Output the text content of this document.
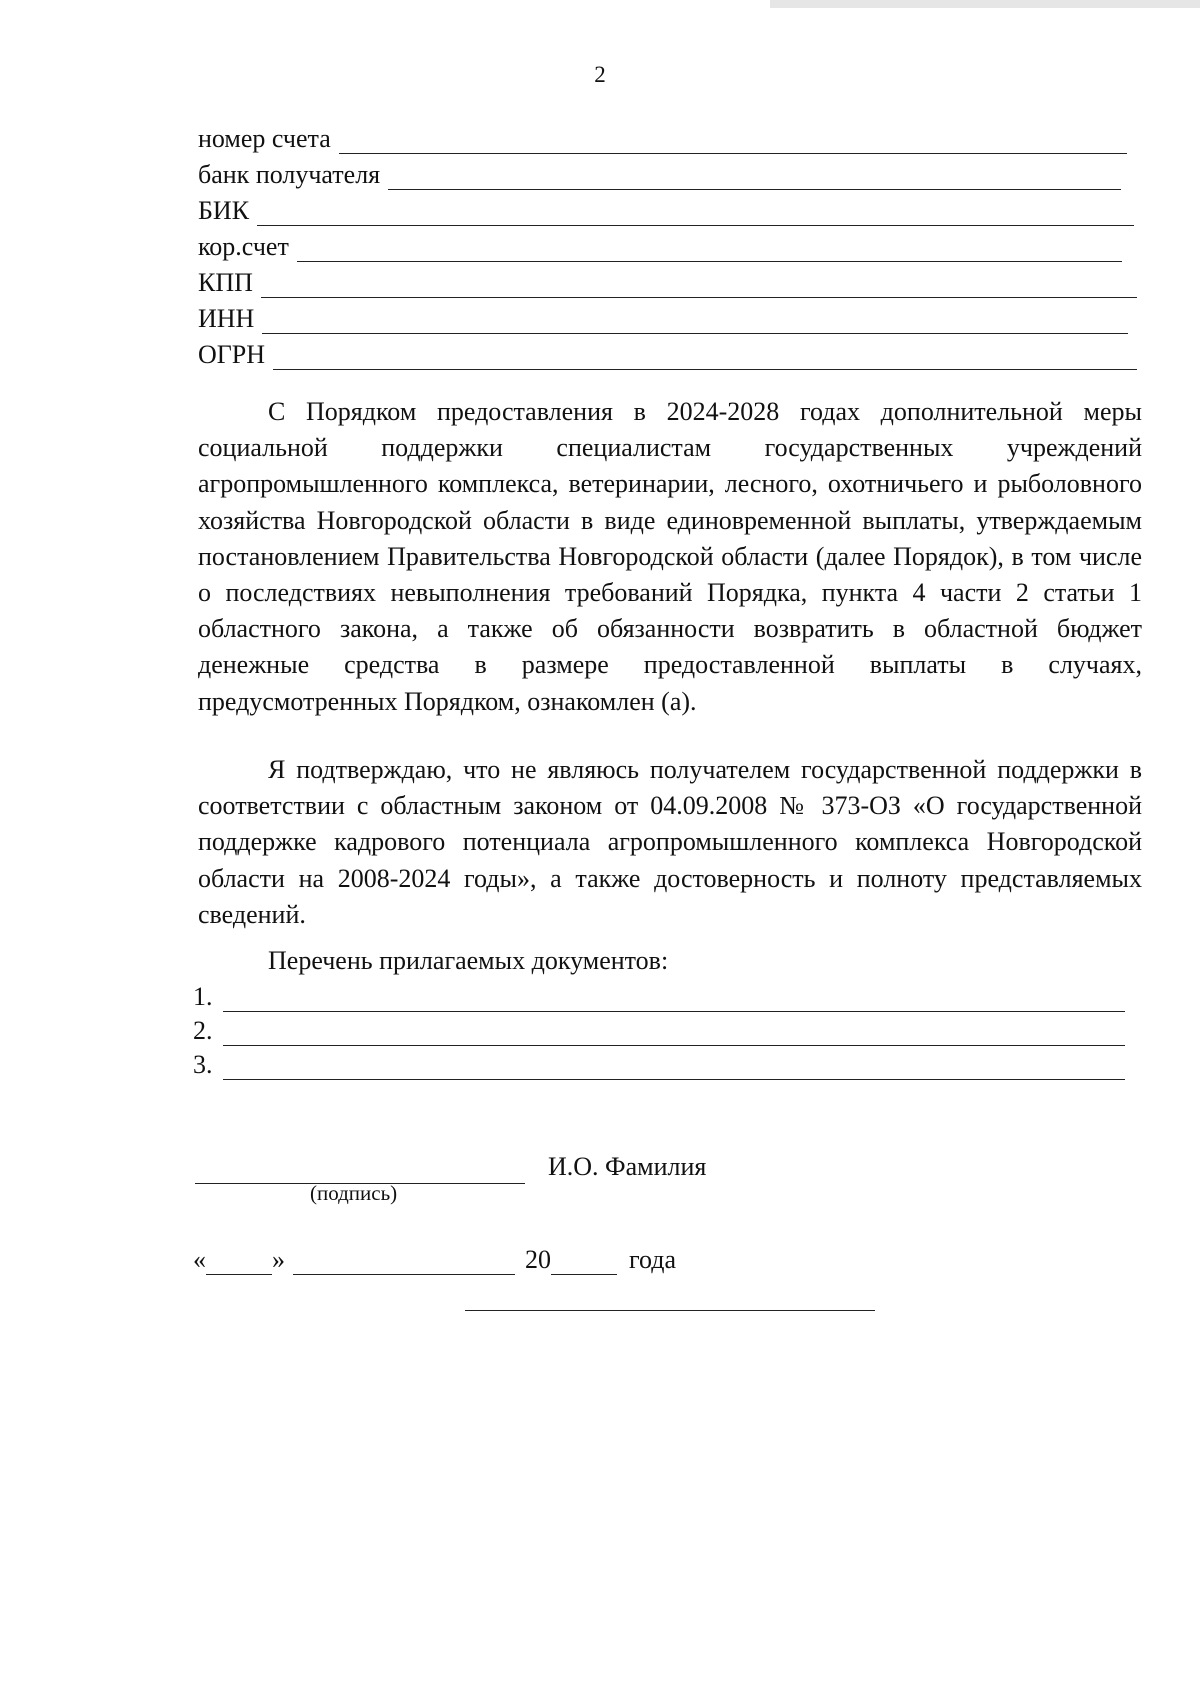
2
номер счета
банк получателя
БИК
кор.счет
КПП
ИНН
ОГРН

С Порядком предоставления в 2024-2028 годах дополнительной меры социальной поддержки специалистам государственных учреждений агропромышленного комплекса, ветеринарии, лесного, охотничьего и рыболовного хозяйства Новгородской области в виде единовременной выплаты, утверждаемым постановлением Правительства Новгородской области (далее Порядок), в том числе о последствиях невыполнения требований Порядка, пункта 4 части 2 статьи 1 областного закона, а также об обязанности возвратить в областной бюджет денежные средства в размере предоставленной выплаты в случаях, предусмотренных Порядком, ознакомлен (а).

Я подтверждаю, что не являюсь получателем государственной поддержки в соответствии с областным законом от 04.09.2008 № 373-ОЗ «О государственной поддержке кадрового потенциала агропромышленного комплекса Новгородской области на 2008-2024 годы», а также достоверность и полноту представляемых сведений.

Перечень прилагаемых документов:
1.
2.
3.
И.О. Фамилия
(подпись)
«	»	20	года
